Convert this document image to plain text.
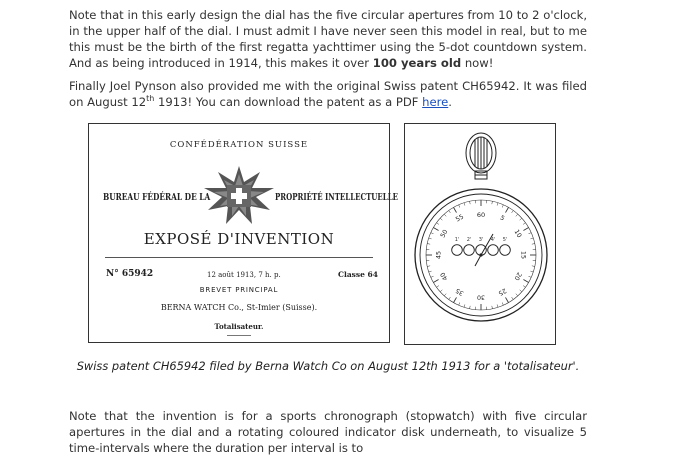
Note that in this early design the dial has the five circular apertures from 10 to 2 o'clock, in the upper half of the dial. I must admit I have never seen this model in real, but to me this must be the birth of the first regatta yachttimer using the 5-dot countdown system. And as being introduced in 1914, this makes it over 100 years old now!

Finally Joel Pynson also provided me with the original Swiss patent CH65942. It was filed on August 12th 1913! You can download the patent as a PDF here.

CONFÉDÉRATION SUISSE
BUREAU FÉDÉRAL DE LA	PROPRIÉTÉ INTELLECTUELLE
EXPOSÉ D'INVENTION
N° 65942	12 août 1913, 7 h. p.	Classe 64
BREVET PRINCIPAL
BERNA WATCH Co., St-Imier (Suisse).
Totalisateur.
5
10
15
20
25
30
35
40
45
50
55 60
1' 2' 3' 4' 5'
Swiss patent CH65942 filed by Berna Watch Co on August 12th 1913 for a 'totalisateur'.

Note that the invention is for a sports chronograph (stopwatch) with five circular apertures in the dial and a rotating coloured indicator disk underneath, to visualize 5 time-intervals where the duration per interval is to
